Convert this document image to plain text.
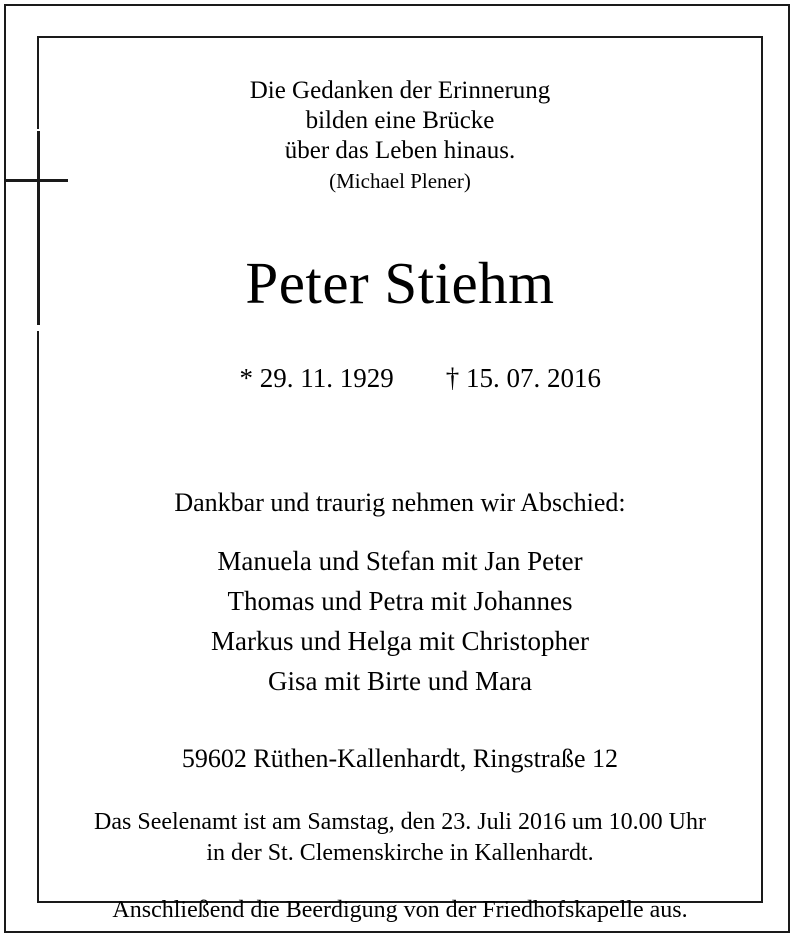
Die Gedanken der Erinnerung
bilden eine Brücke
über das Leben hinaus.
(Michael Plener)
Peter Stiehm

* 29. 11. 1929 † 15. 07. 2016

Dankbar und traurig nehmen wir Abschied:
Manuela und Stefan mit Jan Peter
Thomas und Petra mit Johannes
Markus und Helga mit Christopher
Gisa mit Birte und Mara
59602 Rüthen-Kallenhardt, Ringstraße 12
Das Seelenamt ist am Samstag, den 23. Juli 2016 um 10.00 Uhr
in der St. Clemenskirche in Kallenhardt.
Anschließend die Beerdigung von der Friedhofskapelle aus.
